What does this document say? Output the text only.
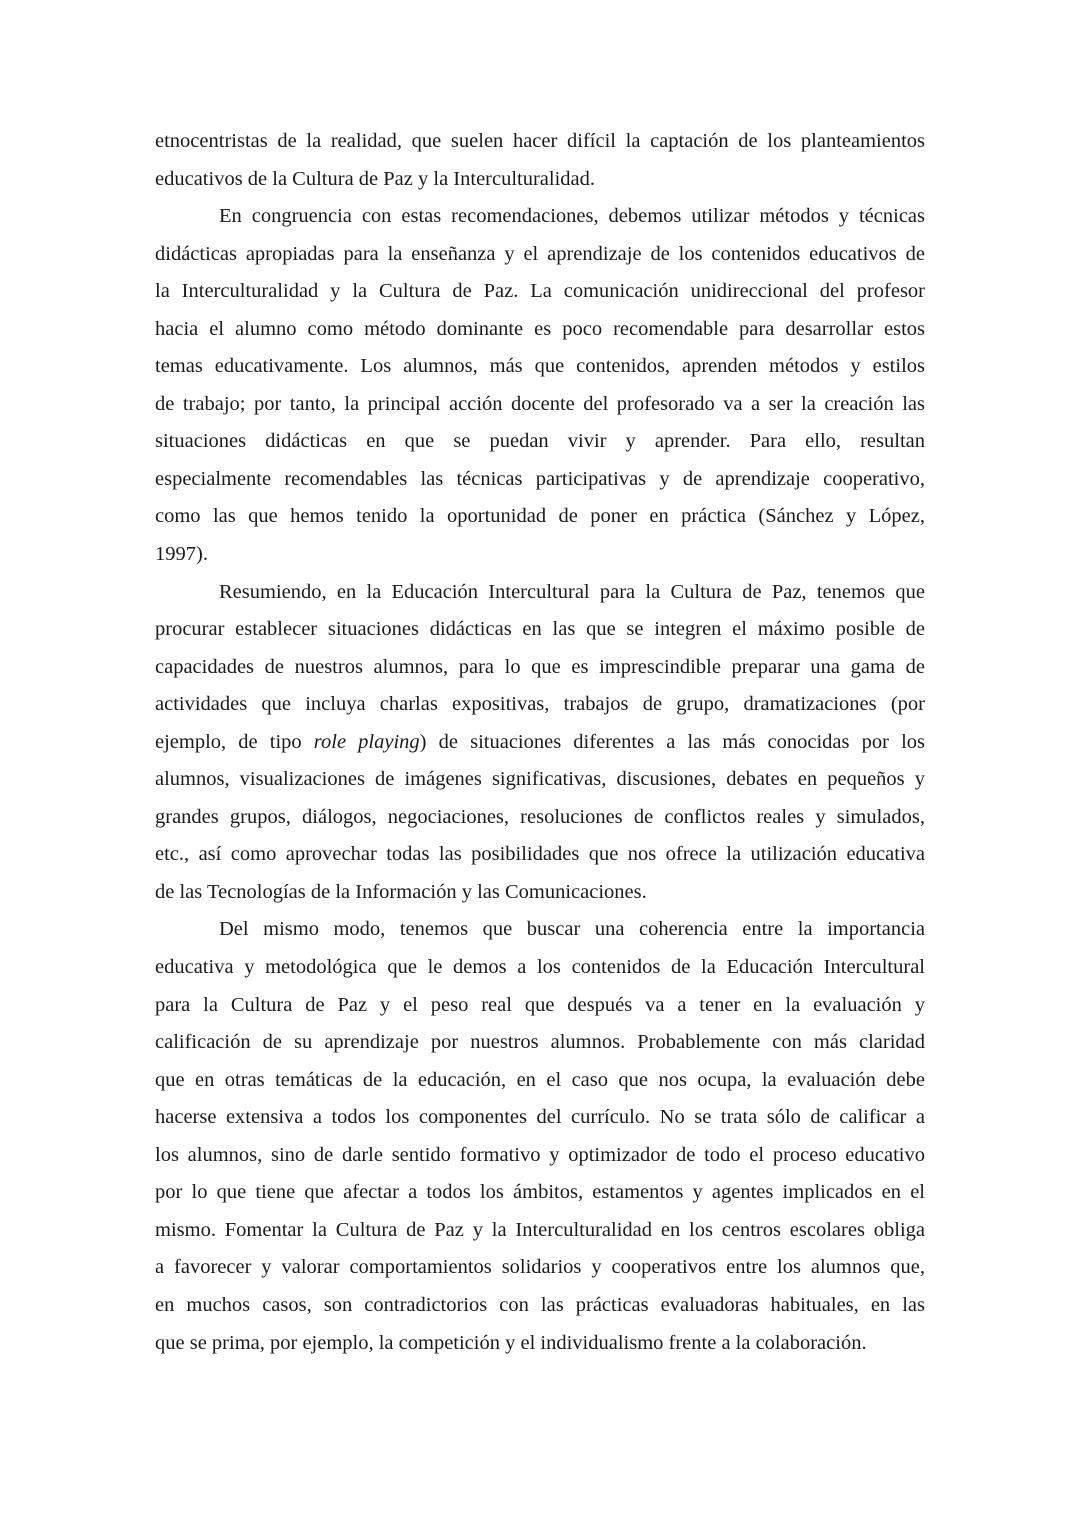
etnocentristas de la realidad, que suelen hacer difícil la captación de los planteamientos
educativos de la Cultura de Paz y la Interculturalidad.
En congruencia con estas recomendaciones, debemos utilizar métodos y técnicas
didácticas apropiadas para la enseñanza y el aprendizaje de los contenidos educativos de
la Interculturalidad y la Cultura de Paz. La comunicación unidireccional del profesor
hacia el alumno como método dominante es poco recomendable para desarrollar estos
temas educativamente. Los alumnos, más que contenidos, aprenden métodos y estilos
de trabajo; por tanto, la principal acción docente del profesorado va a ser la creación las
situaciones didácticas en que se puedan vivir y aprender. Para ello, resultan
especialmente recomendables las técnicas participativas y de aprendizaje cooperativo,
como las que hemos tenido la oportunidad de poner en práctica (Sánchez y López,
1997).
Resumiendo, en la Educación Intercultural para la Cultura de Paz, tenemos que
procurar establecer situaciones didácticas en las que se integren el máximo posible de
capacidades de nuestros alumnos, para lo que es imprescindible preparar una gama de
actividades que incluya charlas expositivas, trabajos de grupo, dramatizaciones (por
ejemplo, de tipo role playing) de situaciones diferentes a las más conocidas por los
alumnos, visualizaciones de imágenes significativas, discusiones, debates en pequeños y
grandes grupos, diálogos, negociaciones, resoluciones de conflictos reales y simulados,
etc., así como aprovechar todas las posibilidades que nos ofrece la utilización educativa
de las Tecnologías de la Información y las Comunicaciones.
Del mismo modo, tenemos que buscar una coherencia entre la importancia
educativa y metodológica que le demos a los contenidos de la Educación Intercultural
para la Cultura de Paz y el peso real que después va a tener en la evaluación y
calificación de su aprendizaje por nuestros alumnos. Probablemente con más claridad
que en otras temáticas de la educación, en el caso que nos ocupa, la evaluación debe
hacerse extensiva a todos los componentes del currículo. No se trata sólo de calificar a
los alumnos, sino de darle sentido formativo y optimizador de todo el proceso educativo
por lo que tiene que afectar a todos los ámbitos, estamentos y agentes implicados en el
mismo. Fomentar la Cultura de Paz y la Interculturalidad en los centros escolares obliga
a favorecer y valorar comportamientos solidarios y cooperativos entre los alumnos que,
en muchos casos, son contradictorios con las prácticas evaluadoras habituales, en las
que se prima, por ejemplo, la competición y el individualismo frente a la colaboración.
